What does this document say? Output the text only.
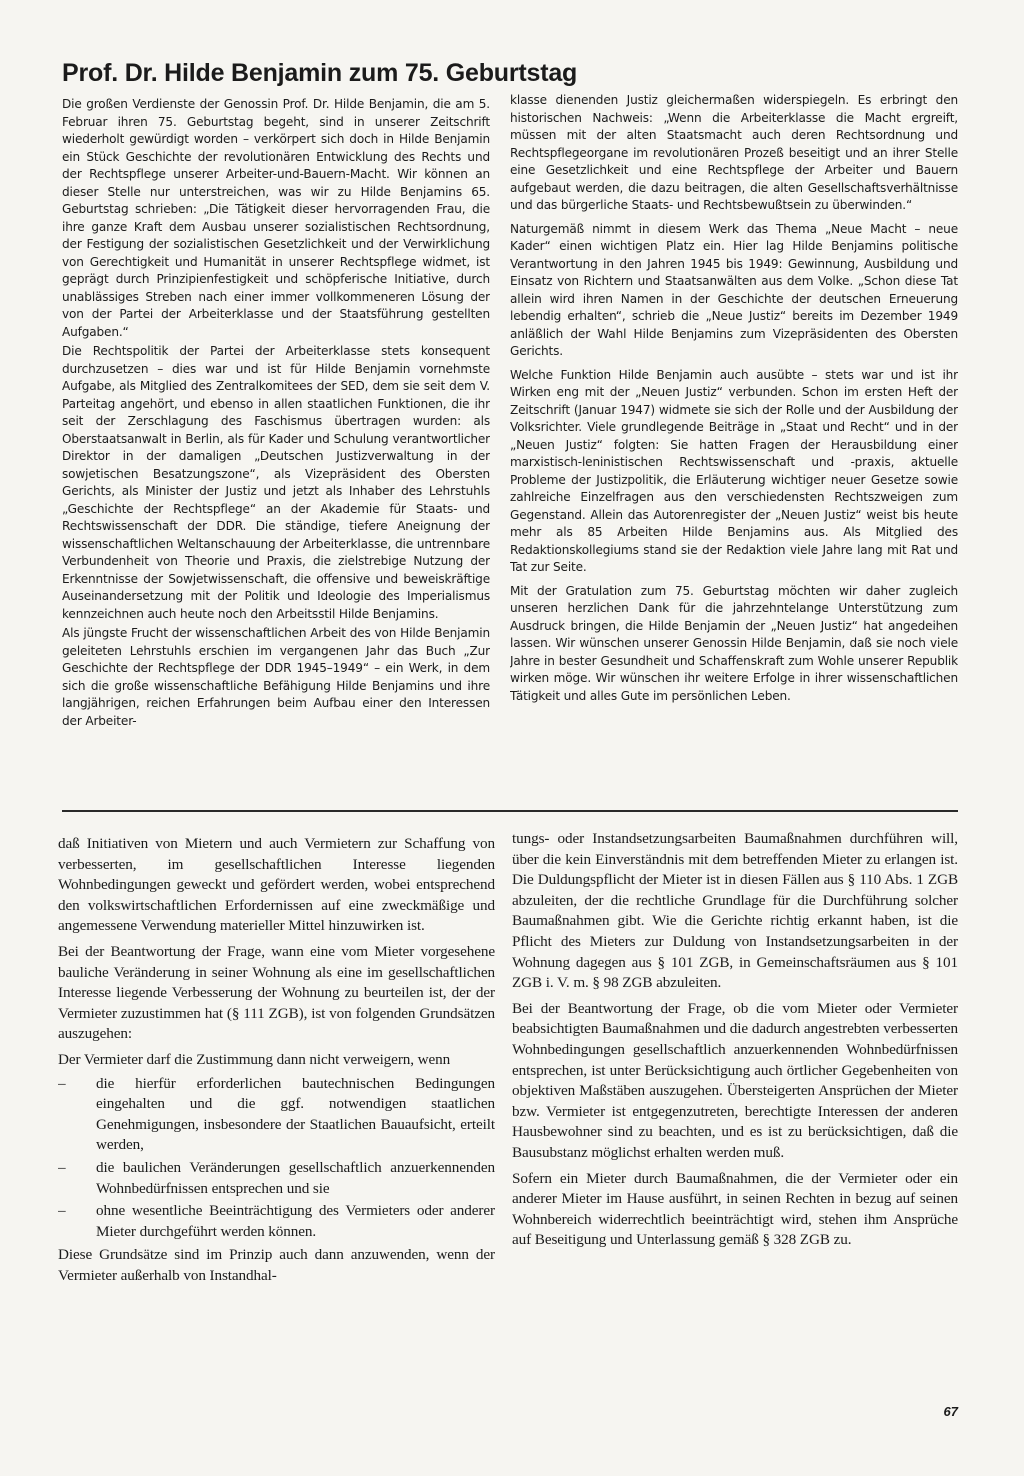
Prof. Dr. Hilde Benjamin zum 75. Geburtstag

Die großen Verdienste der Genossin Prof. Dr. Hilde Benjamin, die am 5. Februar ihren 75. Geburtstag begeht, sind in unserer Zeitschrift wiederholt gewürdigt worden – verkörpert sich doch in Hilde Benjamin ein Stück Geschichte der revolutionären Entwicklung des Rechts und der Rechtspflege unserer Arbeiter-und-Bauern-Macht. Wir können an dieser Stelle nur unterstreichen, was wir zu Hilde Benjamins 65. Geburtstag schrieben: „Die Tätigkeit dieser hervorragenden Frau, die ihre ganze Kraft dem Ausbau unserer sozialistischen Rechtsordnung, der Festigung der sozialistischen Gesetzlichkeit und der Verwirklichung von Gerechtigkeit und Humanität in unserer Rechtspflege widmet, ist geprägt durch Prinzipienfestigkeit und schöpferische Initiative, durch unablässiges Streben nach einer immer vollkommeneren Lösung der von der Partei der Arbeiterklasse und der Staatsführung gestellten Aufgaben.“

Die Rechtspolitik der Partei der Arbeiterklasse stets konsequent durchzusetzen – dies war und ist für Hilde Benjamin vornehmste Aufgabe, als Mitglied des Zentralkomitees der SED, dem sie seit dem V. Parteitag angehört, und ebenso in allen staatlichen Funktionen, die ihr seit der Zerschlagung des Faschismus übertragen wurden: als Oberstaatsanwalt in Berlin, als für Kader und Schulung verantwortlicher Direktor in der damaligen „Deutschen Justizverwaltung in der sowjetischen Besatzungszone“, als Vizepräsident des Obersten Gerichts, als Minister der Justiz und jetzt als Inhaber des Lehrstuhls „Geschichte der Rechtspflege“ an der Akademie für Staats- und Rechtswissenschaft der DDR. Die ständige, tiefere Aneignung der wissenschaftlichen Weltanschauung der Arbeiterklasse, die untrennbare Verbundenheit von Theorie und Praxis, die zielstrebige Nutzung der Erkenntnisse der Sowjetwissenschaft, die offensive und beweiskräftige Auseinandersetzung mit der Politik und Ideologie des Imperialismus kennzeichnen auch heute noch den Arbeitsstil Hilde Benjamins.

Als jüngste Frucht der wissenschaftlichen Arbeit des von Hilde Benjamin geleiteten Lehrstuhls erschien im vergangenen Jahr das Buch „Zur Geschichte der Rechtspflege der DDR 1945–1949“ – ein Werk, in dem sich die große wissenschaftliche Befähigung Hilde Benjamins und ihre langjährigen, reichen Erfahrungen beim Aufbau einer den Interessen der Arbeiter-

klasse dienenden Justiz gleichermaßen widerspiegeln. Es erbringt den historischen Nachweis: „Wenn die Arbeiterklasse die Macht ergreift, müssen mit der alten Staatsmacht auch deren Rechtsordnung und Rechtspflegeorgane im revolutionären Prozeß beseitigt und an ihrer Stelle eine Gesetzlichkeit und eine Rechtspflege der Arbeiter und Bauern aufgebaut werden, die dazu beitragen, die alten Gesellschaftsverhältnisse und das bürgerliche Staats- und Rechtsbewußtsein zu überwinden.“

Naturgemäß nimmt in diesem Werk das Thema „Neue Macht – neue Kader“ einen wichtigen Platz ein. Hier lag Hilde Benjamins politische Verantwortung in den Jahren 1945 bis 1949: Gewinnung, Ausbildung und Einsatz von Richtern und Staatsanwälten aus dem Volke. „Schon diese Tat allein wird ihren Namen in der Geschichte der deutschen Erneuerung lebendig erhalten“, schrieb die „Neue Justiz“ bereits im Dezember 1949 anläßlich der Wahl Hilde Benjamins zum Vizepräsidenten des Obersten Gerichts.

Welche Funktion Hilde Benjamin auch ausübte – stets war und ist ihr Wirken eng mit der „Neuen Justiz“ verbunden. Schon im ersten Heft der Zeitschrift (Januar 1947) widmete sie sich der Rolle und der Ausbildung der Volksrichter. Viele grundlegende Beiträge in „Staat und Recht“ und in der „Neuen Justiz“ folgten: Sie hatten Fragen der Herausbildung einer marxistisch-leninistischen Rechtswissenschaft und -praxis, aktuelle Probleme der Justizpolitik, die Erläuterung wichtiger neuer Gesetze sowie zahlreiche Einzelfragen aus den verschiedensten Rechtszweigen zum Gegenstand. Allein das Autorenregister der „Neuen Justiz“ weist bis heute mehr als 85 Arbeiten Hilde Benjamins aus. Als Mitglied des Redaktionskollegiums stand sie der Redaktion viele Jahre lang mit Rat und Tat zur Seite.

Mit der Gratulation zum 75. Geburtstag möchten wir daher zugleich unseren herzlichen Dank für die jahrzehntelange Unterstützung zum Ausdruck bringen, die Hilde Benjamin der „Neuen Justiz“ hat angedeihen lassen. Wir wünschen unserer Genossin Hilde Benjamin, daß sie noch viele Jahre in bester Gesundheit und Schaffenskraft zum Wohle unserer Republik wirken möge. Wir wünschen ihr weitere Erfolge in ihrer wissenschaftlichen Tätigkeit und alles Gute im persönlichen Leben.

daß Initiativen von Mietern und auch Vermietern zur Schaffung von verbesserten, im gesellschaftlichen Interesse liegenden Wohnbedingungen geweckt und gefördert werden, wobei entsprechend den volkswirtschaftlichen Erfordernissen auf eine zweckmäßige und angemessene Verwendung materieller Mittel hinzuwirken ist.

Bei der Beantwortung der Frage, wann eine vom Mieter vorgesehene bauliche Veränderung in seiner Wohnung als eine im gesellschaftlichen Interesse liegende Verbesserung der Wohnung zu beurteilen ist, der der Vermieter zuzustimmen hat (§ 111 ZGB), ist von folgenden Grundsätzen auszugehen:

Der Vermieter darf die Zustimmung dann nicht verweigern, wenn

– die hierfür erforderlichen bautechnischen Bedingungen eingehalten und die ggf. notwendigen staatlichen Genehmigungen, insbesondere der Staatlichen Bauaufsicht, erteilt werden,
– die baulichen Veränderungen gesellschaftlich anzuerkennenden Wohnbedürfnissen entsprechen und sie
– ohne wesentliche Beeinträchtigung des Vermieters oder anderer Mieter durchgeführt werden können.

Diese Grundsätze sind im Prinzip auch dann anzuwenden, wenn der Vermieter außerhalb von Instandhal-

tungs- oder Instandsetzungsarbeiten Baumaßnahmen durchführen will, über die kein Einverständnis mit dem betreffenden Mieter zu erlangen ist. Die Duldungspflicht der Mieter ist in diesen Fällen aus § 110 Abs. 1 ZGB abzuleiten, der die rechtliche Grundlage für die Durchführung solcher Baumaßnahmen gibt. Wie die Gerichte richtig erkannt haben, ist die Pflicht des Mieters zur Duldung von Instandsetzungsarbeiten in der Wohnung dagegen aus § 101 ZGB, in Gemeinschaftsräumen aus § 101 ZGB i. V. m. § 98 ZGB abzuleiten.

Bei der Beantwortung der Frage, ob die vom Mieter oder Vermieter beabsichtigten Baumaßnahmen und die dadurch angestrebten verbesserten Wohnbedingungen gesellschaftlich anzuerkennenden Wohnbedürfnissen entsprechen, ist unter Berücksichtigung auch örtlicher Gegebenheiten von objektiven Maßstäben auszugehen. Übersteigerten Ansprüchen der Mieter bzw. Vermieter ist entgegenzutreten, berechtigte Interessen der anderen Hausbewohner sind zu beachten, und es ist zu berücksichtigen, daß die Bausubstanz möglichst erhalten werden muß.

Sofern ein Mieter durch Baumaßnahmen, die der Vermieter oder ein anderer Mieter im Hause ausführt, in seinen Rechten in bezug auf seinen Wohnbereich widerrechtlich beeinträchtigt wird, stehen ihm Ansprüche auf Beseitigung und Unterlassung gemäß § 328 ZGB zu.

67
